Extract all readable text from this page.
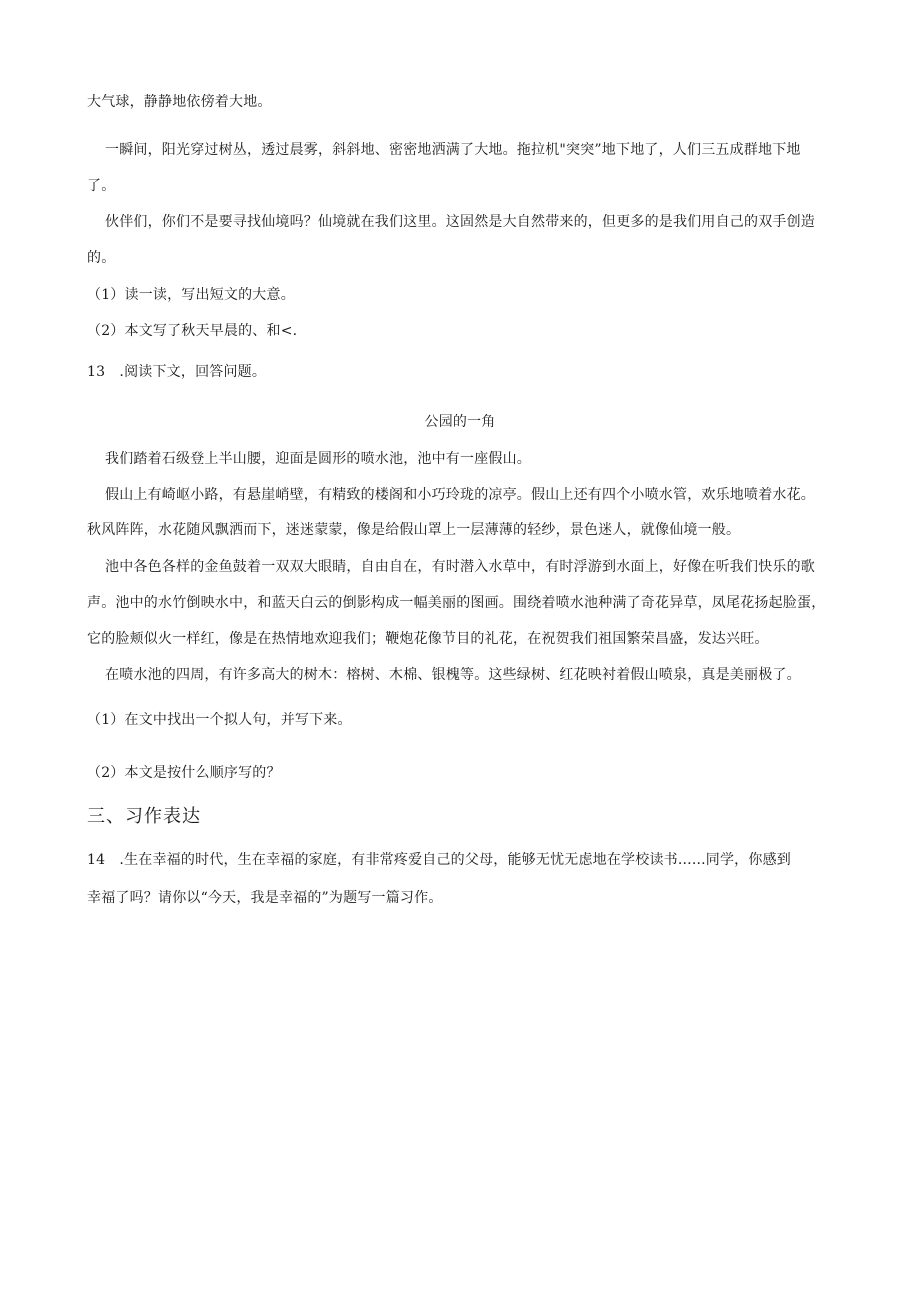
大气球，静静地依傍着大地。
一瞬间，阳光穿过树丛，透过晨雾，斜斜地、密密地洒满了大地。拖拉机"突突”地下地了，人们三五成群地下地
了。
伙伴们，你们不是要寻找仙境吗？仙境就在我们这里。这固然是大自然带来的，但更多的是我们用自己的双手创造
的。
（1）读一读，写出短文的大意。
（2）本文写了秋天早晨的、和<.
13　.阅读下文，回答问题。
公园的一角
我们踏着石级登上半山腰，迎面是圆形的喷水池，池中有一座假山。
假山上有崎岖小路，有悬崖峭壁，有精致的楼阁和小巧玲珑的凉亭。假山上还有四个小喷水管，欢乐地喷着水花。
秋风阵阵，水花随风飘洒而下，迷迷蒙蒙，像是给假山罩上一层薄薄的轻纱，景色迷人，就像仙境一般。
池中各色各样的金鱼鼓着一双双大眼睛，自由自在，有时潜入水草中，有时浮游到水面上，好像在听我们快乐的歌
声。池中的水竹倒映水中，和蓝天白云的倒影构成一幅美丽的图画。围绕着喷水池种满了奇花异草，凤尾花扬起脸蛋，
它的脸颊似火一样红，像是在热情地欢迎我们；鞭炮花像节目的礼花，在祝贺我们祖国繁荣昌盛，发达兴旺。
在喷水池的四周，有许多高大的树木：榕树、木棉、银槐等。这些绿树、红花映衬着假山喷泉，真是美丽极了。
（1）在文中找出一个拟人句，并写下来。
（2）本文是按什么顺序写的？
三、习作表达
14　.生在幸福的时代，生在幸福的家庭，有非常疼爱自己的父母，能够无忧无虑地在学校读书......同学，你感到
幸福了吗？请你以“今天，我是幸福的”为题写一篇习作。
